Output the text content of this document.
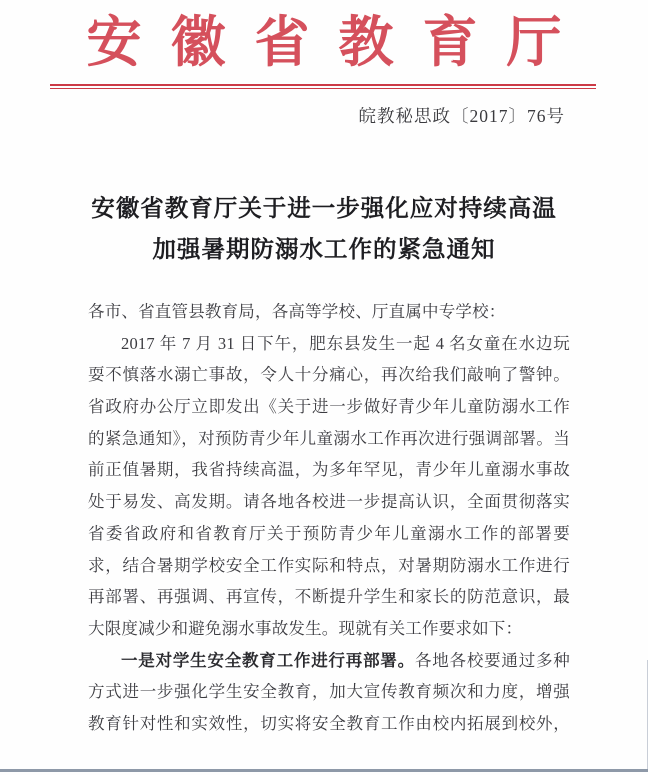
安徽省教育厅
皖教秘思政〔2017〕76号
安徽省教育厅关于进一步强化应对持续高温
加强暑期防溺水工作的紧急通知
各市、省直管县教育局，各高等学校、厅直属中专学校：
2017 年 7 月 31 日下午，肥东县发生一起 4 名女童在水边玩
耍不慎落水溺亡事故，令人十分痛心，再次给我们敲响了警钟。
省政府办公厅立即发出《关于进一步做好青少年儿童防溺水工作
的紧急通知》，对预防青少年儿童溺水工作再次进行强调部署。当
前正值暑期，我省持续高温，为多年罕见，青少年儿童溺水事故
处于易发、高发期。请各地各校进一步提高认识，全面贯彻落实
省委省政府和省教育厅关于预防青少年儿童溺水工作的部署要
求，结合暑期学校安全工作实际和特点，对暑期防溺水工作进行
再部署、再强调、再宣传，不断提升学生和家长的防范意识，最
大限度减少和避免溺水事故发生。现就有关工作要求如下：
一是对学生安全教育工作进行再部署。各地各校要通过多种
方式进一步强化学生安全教育，加大宣传教育频次和力度，增强
教育针对性和实效性，切实将安全教育工作由校内拓展到校外，
